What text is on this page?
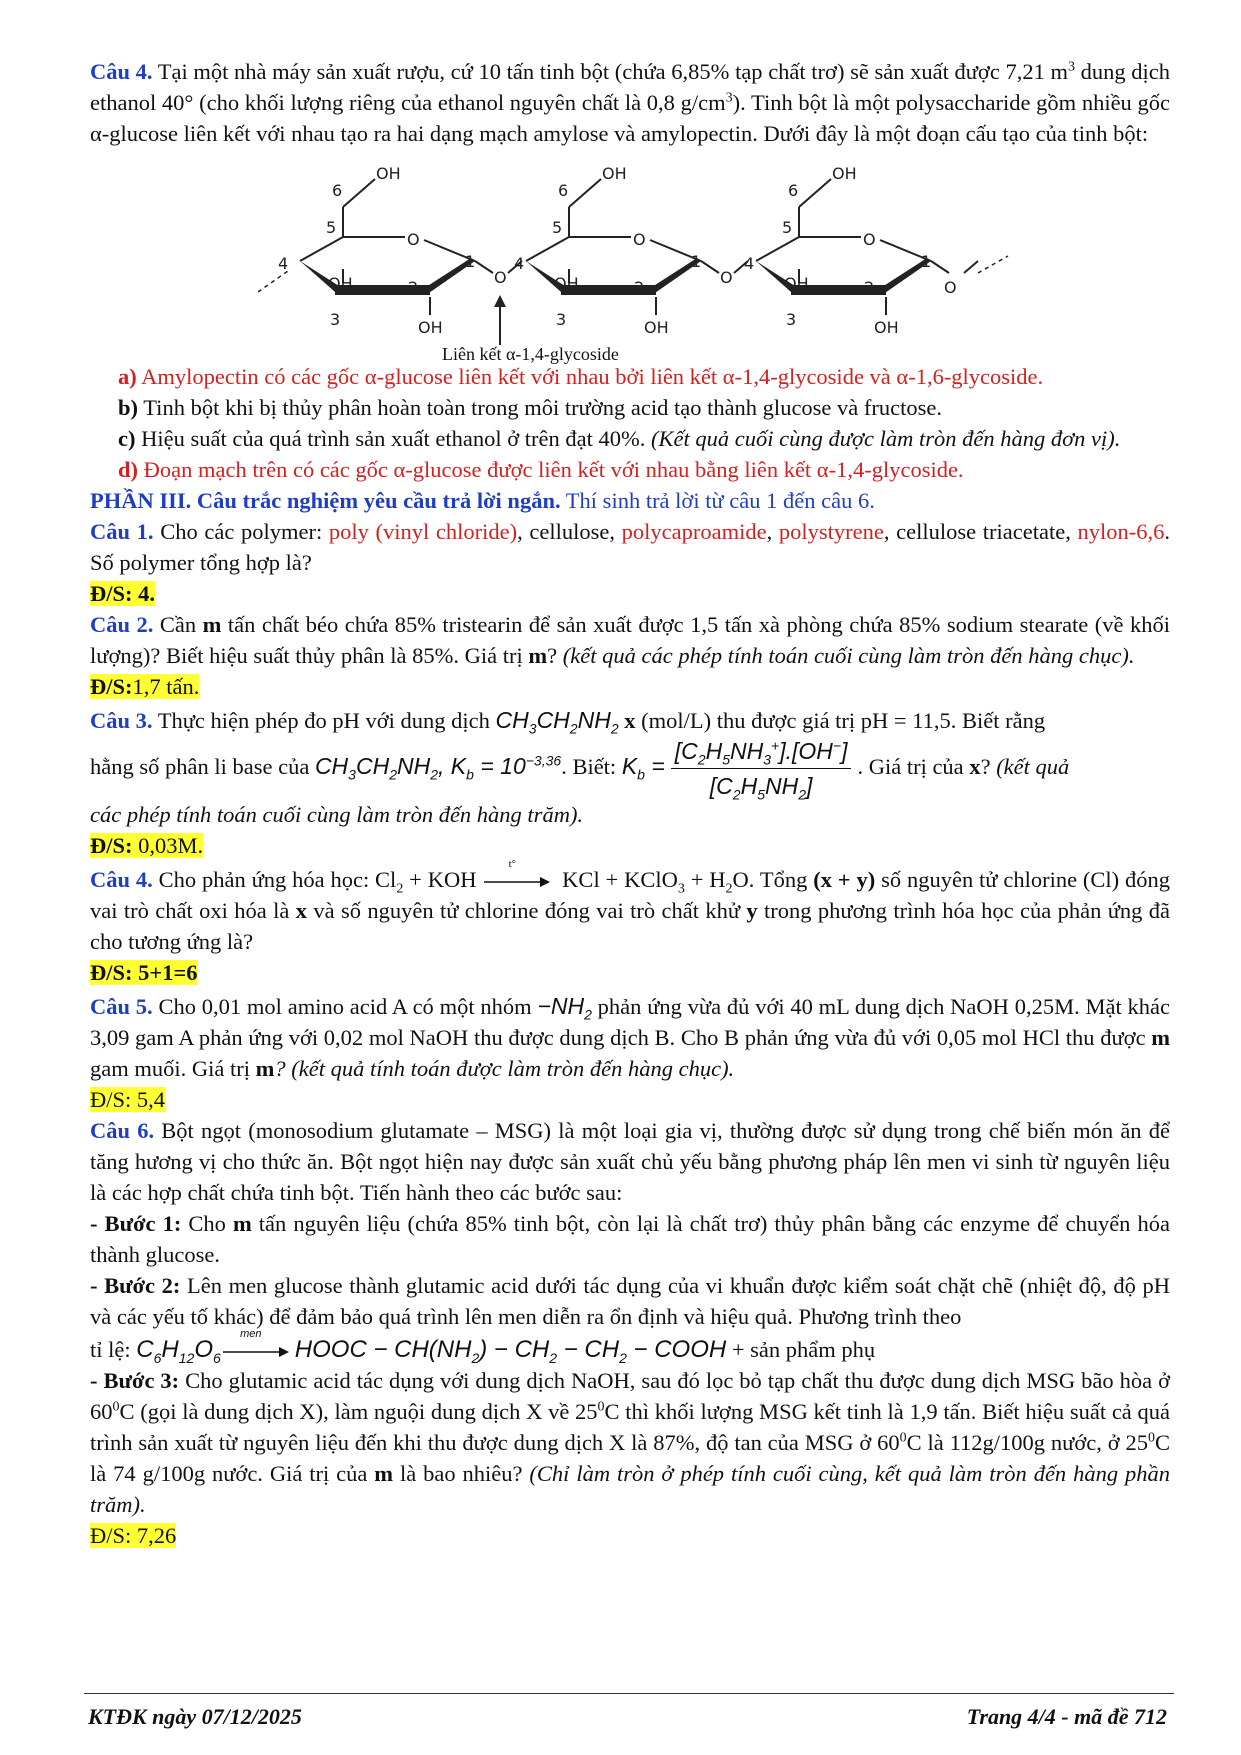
Câu 4. Tại một nhà máy sản xuất rượu, cứ 10 tấn tinh bột (chứa 6,85% tạp chất trơ) sẽ sản xuất được 7,21 $m^3$ dung dịch ethanol 40° (cho khối lượng riêng của ethanol nguyên chất là 0,8 $g/cm^3$). Tinh bột là một polysaccharide gồm nhiều gốc α-glucose liên kết với nhau tạo ra hai dạng mạch amylose và amylopectin. Dưới đây là một đoạn cấu tạo của tinh bột:

OH
6
5
O
4	1
OH	2
3	OH
O
OH
6
5
O
4	1
OH	2
3	OH
O
OH
6
5
O
4	1
OH	2
3	OH
O
Liên kết α-1,4-glycoside

a) Amylopectin có các gốc α-glucose liên kết với nhau bởi liên kết α-1,4-glycoside và α-1,6-glycoside.

b) Tinh bột khi bị thủy phân hoàn toàn trong môi trường acid tạo thành glucose và fructose.

c) Hiệu suất của quá trình sản xuất ethanol ở trên đạt 40%. (Kết quả cuối cùng được làm tròn đến hàng đơn vị).

d) Đoạn mạch trên có các gốc α-glucose được liên kết với nhau bằng liên kết α-1,4-glycoside.

PHẦN III. Câu trắc nghiệm yêu cầu trả lời ngắn. Thí sinh trả lời từ câu 1 đến câu 6.

Câu 1. Cho các polymer: poly (vinyl chloride), cellulose, polycaproamide, polystyrene, cellulose triacetate, nylon-6,6. Số polymer tổng hợp là?

Đ/S: 4.

Câu 2. Cần m tấn chất béo chứa 85% tristearin để sản xuất được 1,5 tấn xà phòng chứa 85% sodium stearate (về khối lượng)? Biết hiệu suất thủy phân là 85%. Giá trị m? (kết quả các phép tính toán cuối cùng làm tròn đến hàng chục).

Đ/S:1,7 tấn.

Câu 3. Thực hiện phép đo pH với dung dịch $CH_3CH_2NH_2$ x (mol/L) thu được giá trị pH = 11,5. Biết rằng

hằng số phân li base của $CH_3CH_2NH_2$, $K_b = 10^{-3,36}$. Biết: $K_b = \frac{[C_2H_5NH_3^+].[OH^-]}{[C_2H_5NH_2]}$ . Giá trị của x? (kết quả

các phép tính toán cuối cùng làm tròn đến hàng trăm).

Đ/S: 0,03M.

Câu 4. Cho phản ứng hóa học: $Cl_2$ + KOH
t°
KCl + KClO$_3$ + $H_2O$. Tổng (x + y) số nguyên tử chlorine (Cl) đóng vai trò chất oxi hóa là x và số nguyên tử chlorine đóng vai trò chất khử y trong phương trình hóa học của phản ứng đã cho tương ứng là?

Đ/S: 5+1=6

Câu 5. Cho 0,01 mol amino acid A có một nhóm $-NH_2$ phản ứng vừa đủ với 40 mL dung dịch NaOH 0,25M. Mặt khác 3,09 gam A phản ứng với 0,02 mol NaOH thu được dung dịch B. Cho B phản ứng vừa đủ với 0,05 mol HCl thu được m gam muối. Giá trị m? (kết quả tính toán được làm tròn đến hàng chục).

Đ/S: 5,4

Câu 6. Bột ngọt (monosodium glutamate – MSG) là một loại gia vị, thường được sử dụng trong chế biến món ăn để tăng hương vị cho thức ăn. Bột ngọt hiện nay được sản xuất chủ yếu bằng phương pháp lên men vi sinh từ nguyên liệu là các hợp chất chứa tinh bột. Tiến hành theo các bước sau:

- Bước 1: Cho m tấn nguyên liệu (chứa 85% tinh bột, còn lại là chất trơ) thủy phân bằng các enzyme để chuyển hóa thành glucose.

- Bước 2: Lên men glucose thành glutamic acid dưới tác dụng của vi khuẩn được kiểm soát chặt chẽ (nhiệt độ, độ pH và các yếu tố khác) để đảm bảo quá trình lên men diễn ra ổn định và hiệu quả. Phương trình theo

tỉ lệ: $C_6H_{12}O_6$
men
HOOC − $CH(NH_2) - CH_2 - CH_2$ − COOH + sản phẩm phụ

- Bước 3: Cho glutamic acid tác dụng với dung dịch NaOH, sau đó lọc bỏ tạp chất thu được dung dịch MSG bão hòa ở $60^0C$ (gọi là dung dịch X), làm nguội dung dịch X về $25^0C$ thì khối lượng MSG kết tinh là 1,9 tấn. Biết hiệu suất cả quá trình sản xuất từ nguyên liệu đến khi thu được dung dịch X là 87%, độ tan của MSG ở $60^0C$ là 112g/100g nước, ở $25^0C$ là 74 g/100g nước. Giá trị của m là bao nhiêu? (Chỉ làm tròn ở phép tính cuối cùng, kết quả làm tròn đến hàng phần trăm).

Đ/S: 7,26

KTĐK ngày 07/12/2025	Trang 4/4 - mã đề 712
